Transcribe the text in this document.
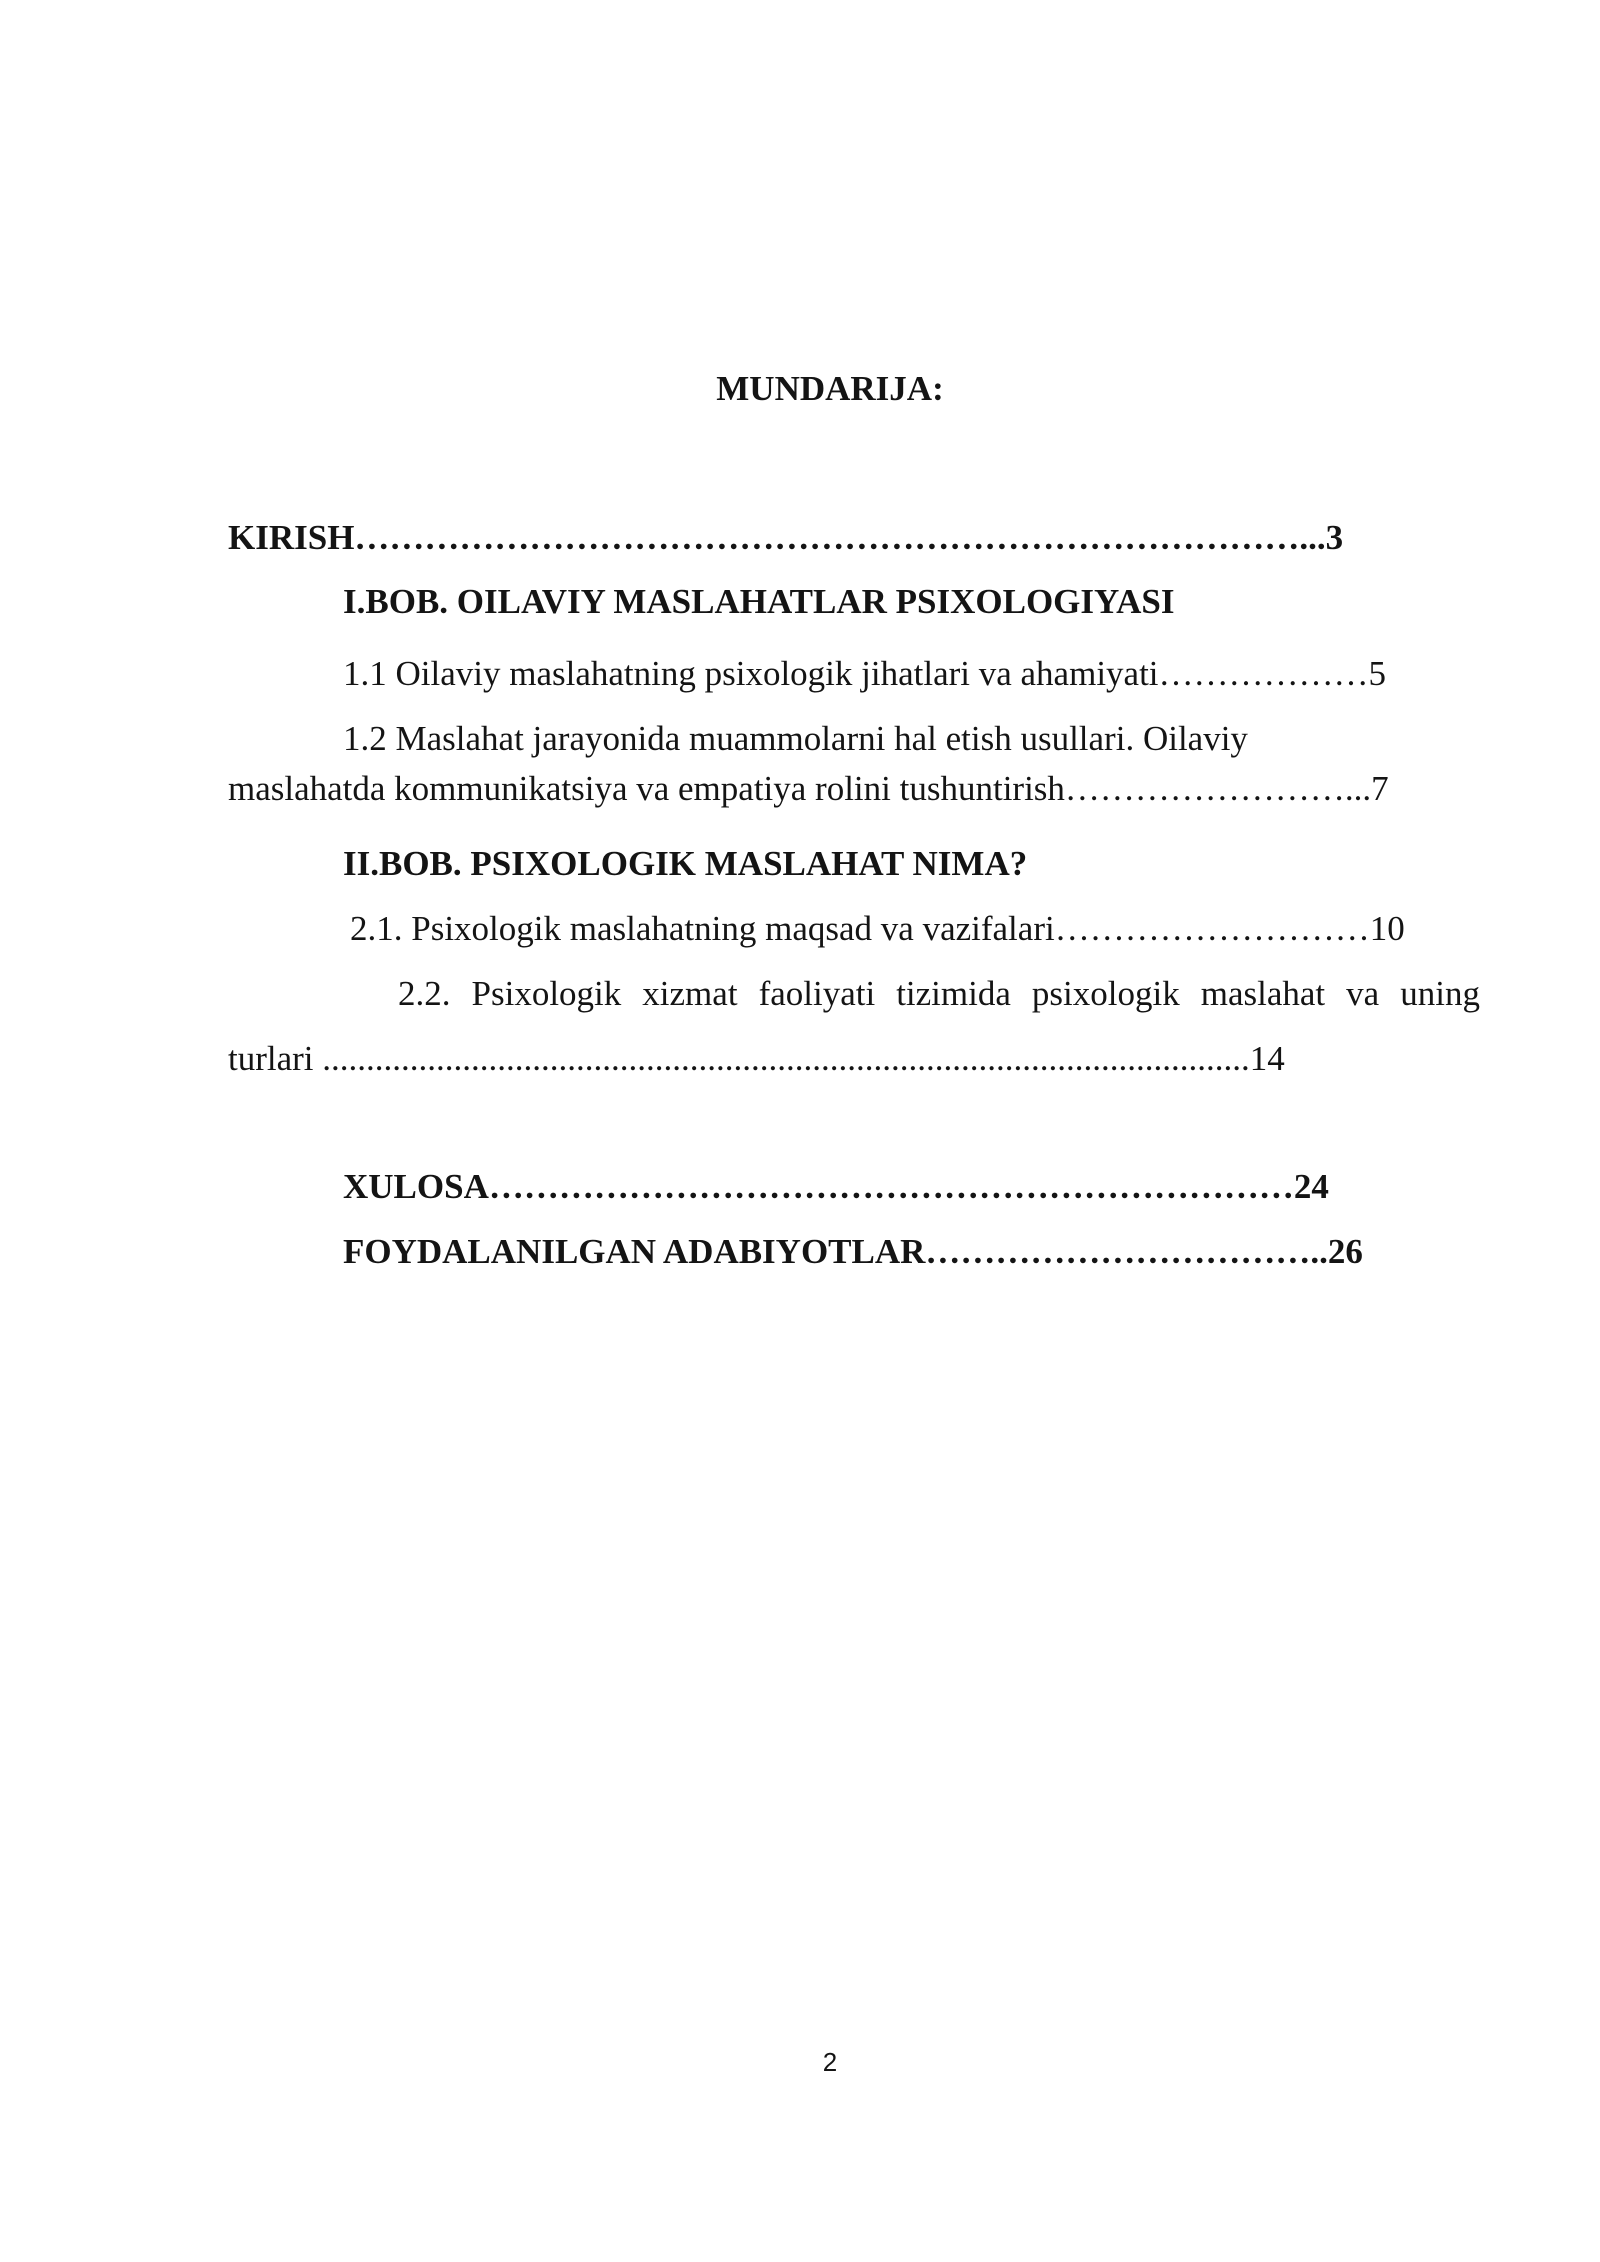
MUNDARIJA:
KIRISH………………………………………………………………………...3
I.BOB. OILAVIY MASLAHATLAR PSIXOLOGIYASI
1.1 Oilaviy maslahatning psixologik jihatlari va ahamiyati………………5
1.2 Maslahat jarayonida muammolarni hal etish usullari. Oilaviy
maslahatda kommunikatsiya va empatiya rolini tushuntirish……………………...7
II.BOB. PSIXOLOGIK MASLAHAT NIMA?
2.1. Psixologik maslahatning maqsad va vazifalari………………………10
2.2. Psixologik xizmat faoliyati tizimida psixologik maslahat va uning
turlari ..........................................................................................................14
XULOSA……………………………………………………………24
FOYDALANILGAN ADABIYOTLAR……………………………..26
2
